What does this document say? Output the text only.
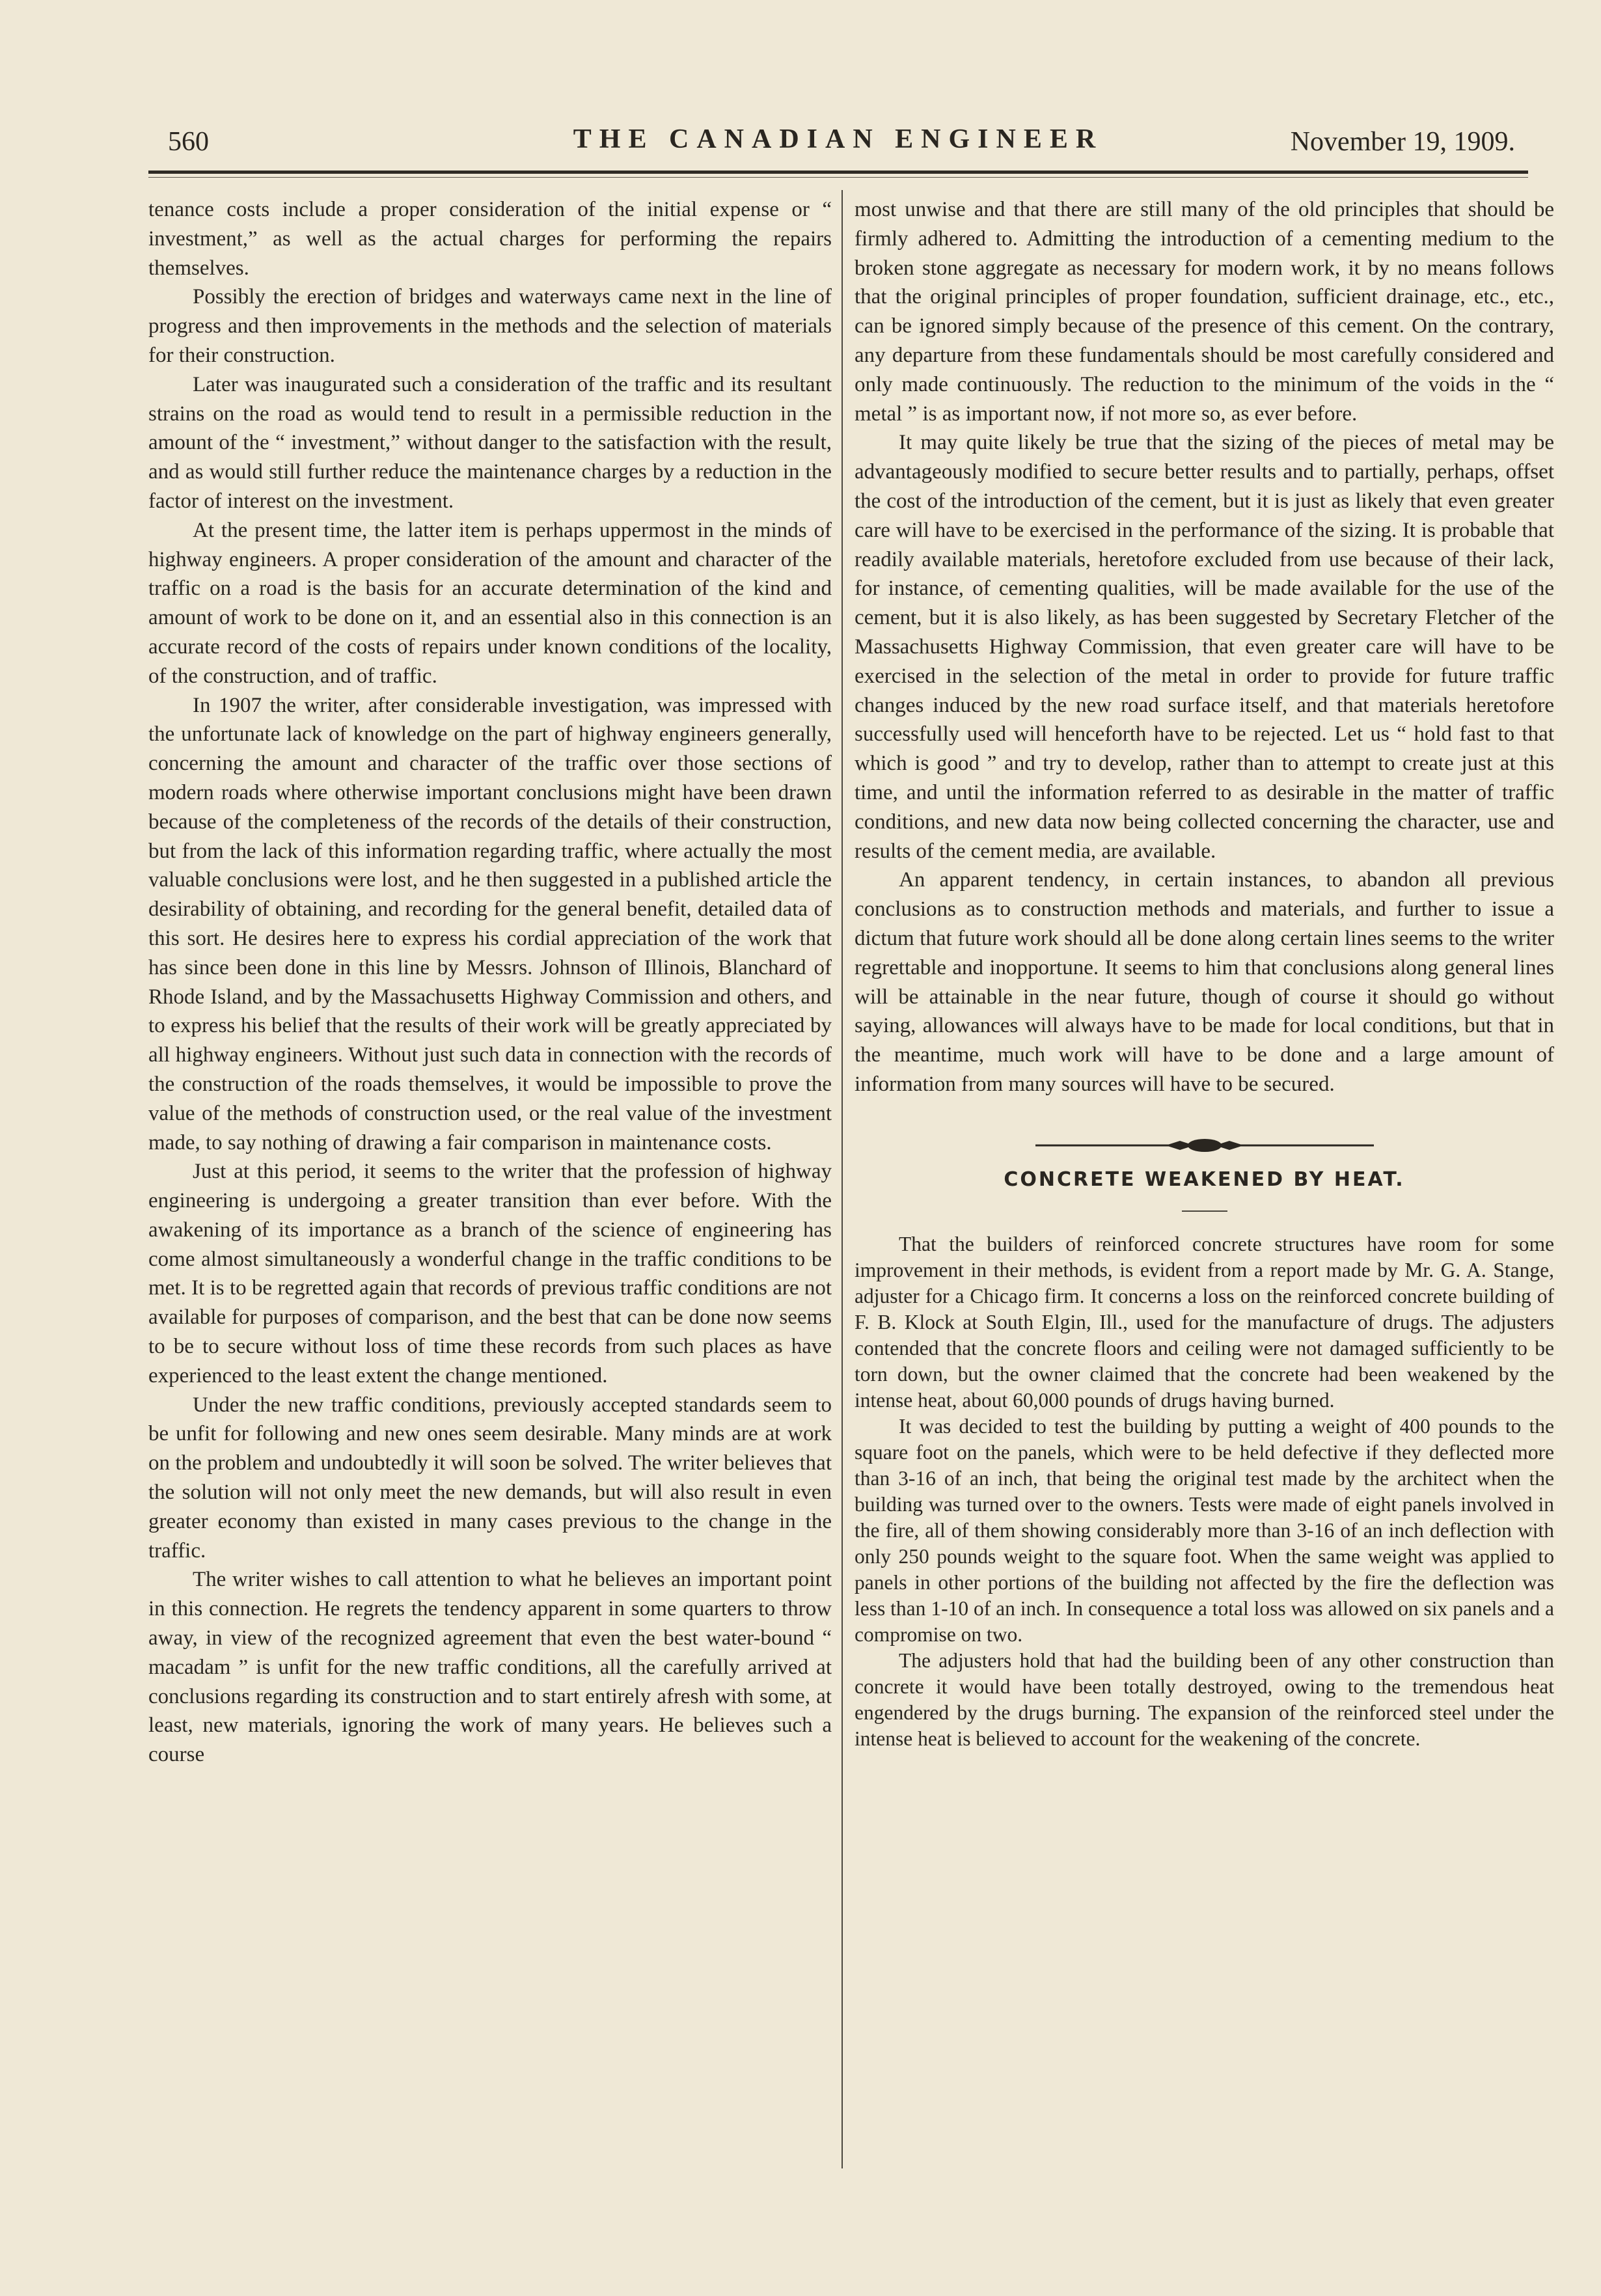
560	THE CANADIAN ENGINEER	November 19, 1909.

tenance costs include a proper consideration of the initial expense or “ investment,” as well as the actual charges for performing the repairs themselves.

Possibly the erection of bridges and waterways came next in the line of progress and then improvements in the methods and the selection of materials for their construction.

Later was inaugurated such a consideration of the traffic and its resultant strains on the road as would tend to result in a permissible reduction in the amount of the “ investment,” without danger to the satisfaction with the result, and as would still further reduce the maintenance charges by a reduction in the factor of interest on the investment.

At the present time, the latter item is perhaps uppermost in the minds of highway engineers. A proper consideration of the amount and character of the traffic on a road is the basis for an accurate determination of the kind and amount of work to be done on it, and an essential also in this connection is an accurate record of the costs of repairs under known conditions of the locality, of the construction, and of traffic.

In 1907 the writer, after considerable investigation, was impressed with the unfortunate lack of knowledge on the part of highway engineers generally, concerning the amount and character of the traffic over those sections of modern roads where otherwise important conclusions might have been drawn because of the completeness of the records of the details of their construction, but from the lack of this information regarding traffic, where actually the most valuable conclusions were lost, and he then suggested in a published article the desirability of obtaining, and recording for the general benefit, detailed data of this sort. He desires here to express his cordial appreciation of the work that has since been done in this line by Messrs. Johnson of Illinois, Blanchard of Rhode Island, and by the Massachusetts Highway Commission and others, and to express his belief that the results of their work will be greatly appreciated by all highway engineers. Without just such data in connection with the records of the construction of the roads themselves, it would be impossible to prove the value of the methods of construction used, or the real value of the investment made, to say nothing of drawing a fair comparison in maintenance costs.

Just at this period, it seems to the writer that the profession of highway engineering is undergoing a greater transition than ever before. With the awakening of its importance as a branch of the science of engineering has come almost simultaneously a wonderful change in the traffic conditions to be met. It is to be regretted again that records of previous traffic conditions are not available for purposes of comparison, and the best that can be done now seems to be to secure without loss of time these records from such places as have experienced to the least extent the change mentioned.

Under the new traffic conditions, previously accepted standards seem to be unfit for following and new ones seem desirable. Many minds are at work on the problem and undoubtedly it will soon be solved. The writer believes that the solution will not only meet the new demands, but will also result in even greater economy than existed in many cases previous to the change in the traffic.

The writer wishes to call attention to what he believes an important point in this connection. He regrets the tendency apparent in some quarters to throw away, in view of the recognized agreement that even the best water-bound “ macadam ” is unfit for the new traffic conditions, all the carefully arrived at conclusions regarding its construction and to start entirely afresh with some, at least, new materials, ignoring the work of many years. He believes such a course

most unwise and that there are still many of the old principles that should be firmly adhered to. Admitting the introduction of a cementing medium to the broken stone aggregate as necessary for modern work, it by no means follows that the original principles of proper foundation, sufficient drainage, etc., etc., can be ignored simply because of the presence of this cement. On the contrary, any departure from these fundamentals should be most carefully considered and only made continuously. The reduction to the minimum of the voids in the “ metal ” is as important now, if not more so, as ever before.

It may quite likely be true that the sizing of the pieces of metal may be advantageously modified to secure better results and to partially, perhaps, offset the cost of the introduction of the cement, but it is just as likely that even greater care will have to be exercised in the performance of the sizing. It is probable that readily available materials, heretofore excluded from use because of their lack, for instance, of cementing qualities, will be made available for the use of the cement, but it is also likely, as has been suggested by Secretary Fletcher of the Massachusetts Highway Commission, that even greater care will have to be exercised in the selection of the metal in order to provide for future traffic changes induced by the new road surface itself, and that materials heretofore successfully used will henceforth have to be rejected. Let us “ hold fast to that which is good ” and try to develop, rather than to attempt to create just at this time, and until the information referred to as desirable in the matter of traffic conditions, and new data now being collected concerning the character, use and results of the cement media, are available.

An apparent tendency, in certain instances, to abandon all previous conclusions as to construction methods and materials, and further to issue a dictum that future work should all be done along certain lines seems to the writer regrettable and inopportune. It seems to him that conclusions along general lines will be attainable in the near future, though of course it should go without saying, allowances will always have to be made for local conditions, but that in the meantime, much work will have to be done and a large amount of information from many sources will have to be secured.

CONCRETE WEAKENED BY HEAT.

That the builders of reinforced concrete structures have room for some improvement in their methods, is evident from a report made by Mr. G. A. Stange, adjuster for a Chicago firm. It concerns a loss on the reinforced concrete building of F. B. Klock at South Elgin, Ill., used for the manufacture of drugs. The adjusters contended that the concrete floors and ceiling were not damaged sufficiently to be torn down, but the owner claimed that the concrete had been weakened by the intense heat, about 60,000 pounds of drugs having burned.

It was decided to test the building by putting a weight of 400 pounds to the square foot on the panels, which were to be held defective if they deflected more than 3-16 of an inch, that being the original test made by the architect when the building was turned over to the owners. Tests were made of eight panels involved in the fire, all of them showing considerably more than 3-16 of an inch deflection with only 250 pounds weight to the square foot. When the same weight was applied to panels in other portions of the building not affected by the fire the deflection was less than 1-10 of an inch. In consequence a total loss was allowed on six panels and a compromise on two.

The adjusters hold that had the building been of any other construction than concrete it would have been totally destroyed, owing to the tremendous heat engendered by the drugs burning. The expansion of the reinforced steel under the intense heat is believed to account for the weakening of the concrete.
